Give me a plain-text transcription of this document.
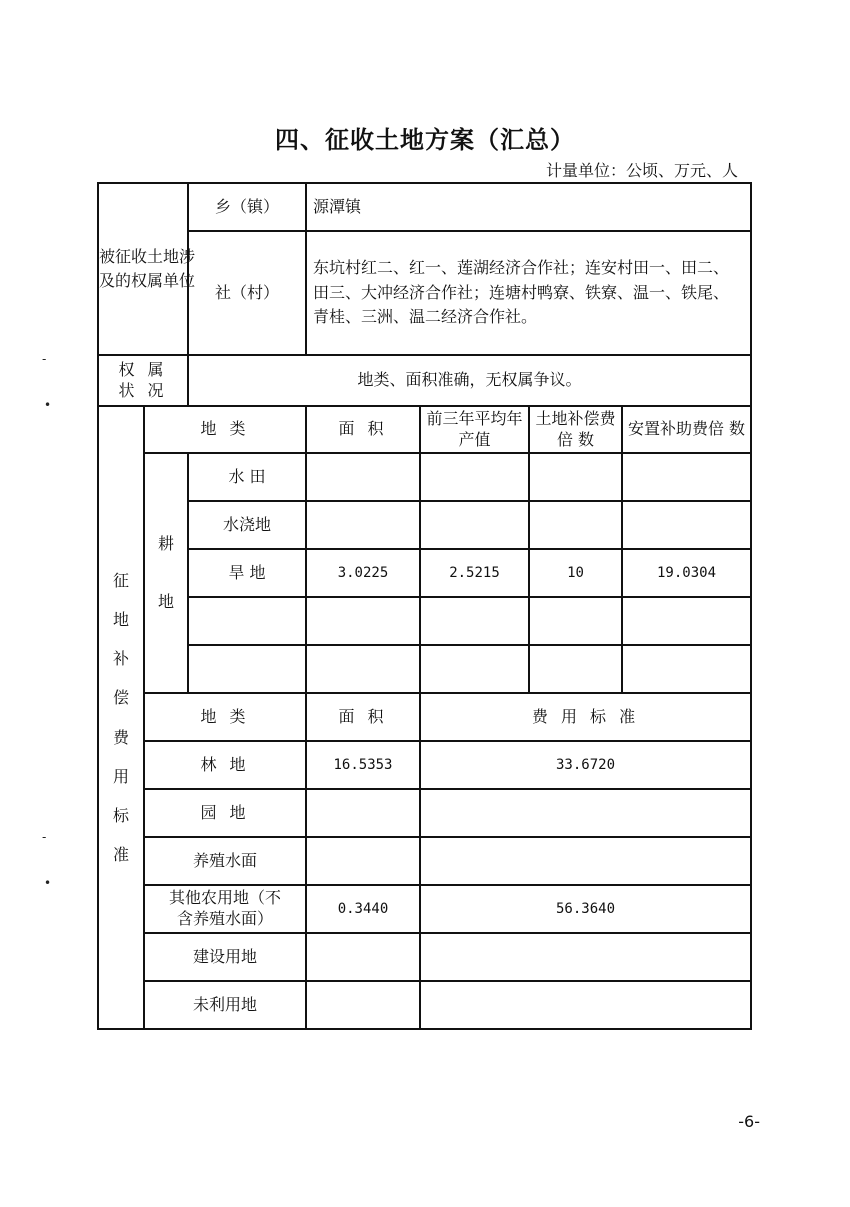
四、征收土地方案（汇总）
计量单位：公顷、万元、人
-
•
-
•
被征收土地涉及的权属单位		乡（镇）	源潭镇			
		社（村）	东坑村红二、红一、莲湖经济合作社；连安村田一、田二、田三、大冲经济合作社；连塘村鸭寮、铁寮、温一、铁尾、青桂、三洲、温二经济合作社。			

权 属
状 况		地类、面积准确，无权属争议。				
征地补偿费用标准	地 类		面 积	前三年平均年产值	土地补偿费倍 数	安置补助费倍 数
	耕地	水 田				
		水浇地				
		旱 地	3.0225	2.5215	10	19.0304

	地 类		面 积	费 用 标 准		
	林 地		16.5353	33.6720		
	园 地					
	养殖水面					

	其他农用地（不含养殖水面）		0.3440	56.3640		
	建设用地					
	未利用地					
-6-
